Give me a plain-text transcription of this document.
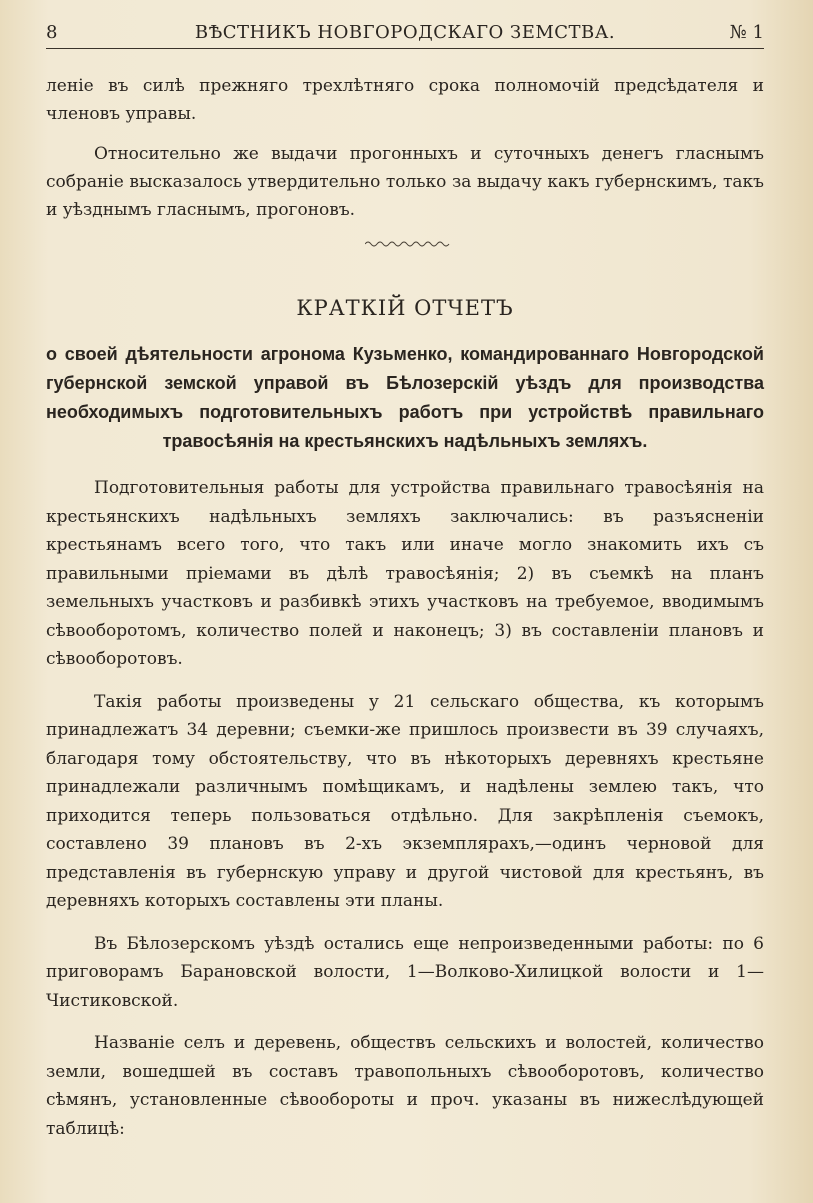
8	ВѢСТНИКЪ НОВГОРОДСКАГО ЗЕМСТВА.	№ 1

леніе въ силѣ прежняго трехлѣтняго срока полномочій предсѣдателя и членовъ управы.

Относительно же выдачи прогонныхъ и суточныхъ денегъ гласнымъ собраніе высказалось утвердительно только за выдачу какъ губернскимъ, такъ и уѣзднымъ гласнымъ, прогоновъ.

КРАТКІЙ ОТЧЕТЪ
о своей дѣятельности агронома Кузьменко, командированнаго Новгородской губернской земской управой въ Бѣлозерскій уѣздъ для производства необходимыхъ подготовительныхъ работъ при устройствѣ правильнаго травосѣянія на крестьянскихъ надѣльныхъ земляхъ.

Подготовительныя работы для устройства правильнаго травосѣянія на крестьянскихъ надѣльныхъ земляхъ заключались: въ разъясненіи крестьянамъ всего того, что такъ или иначе могло знакомить ихъ съ правильными пріемами въ дѣлѣ травосѣянія; 2) въ съемкѣ на планъ земельныхъ участковъ и разбивкѣ этихъ участковъ на требуемое, вводимымъ сѣвооборотомъ, количество полей и наконецъ; 3) въ составленіи плановъ и сѣвооборотовъ.

Такія работы произведены у 21 сельскаго общества, къ которымъ принадлежатъ 34 деревни; съемки-же пришлось произвести въ 39 случаяхъ, благодаря тому обстоятельству, что въ нѣкоторыхъ деревняхъ крестьяне принадлежали различнымъ помѣщикамъ, и надѣлены землею такъ, что приходится теперь пользоваться отдѣльно. Для закрѣпленія съемокъ, составлено 39 плановъ въ 2-хъ экземплярахъ,—одинъ черновой для представленія въ губернскую управу и другой чистовой для крестьянъ, въ деревняхъ которыхъ составлены эти планы.

Въ Бѣлозерскомъ уѣздѣ остались еще непроизведенными работы: по 6 приговорамъ Барановской волости, 1—Волково-Хилицкой волости и 1—Чистиковской.

Названіе селъ и деревень, обществъ сельскихъ и волостей, количество земли, вошедшей въ составъ травопольныхъ сѣвооборотовъ, количество сѣмянъ, установленные сѣвообороты и проч. указаны въ нижеслѣдующей таблицѣ:
